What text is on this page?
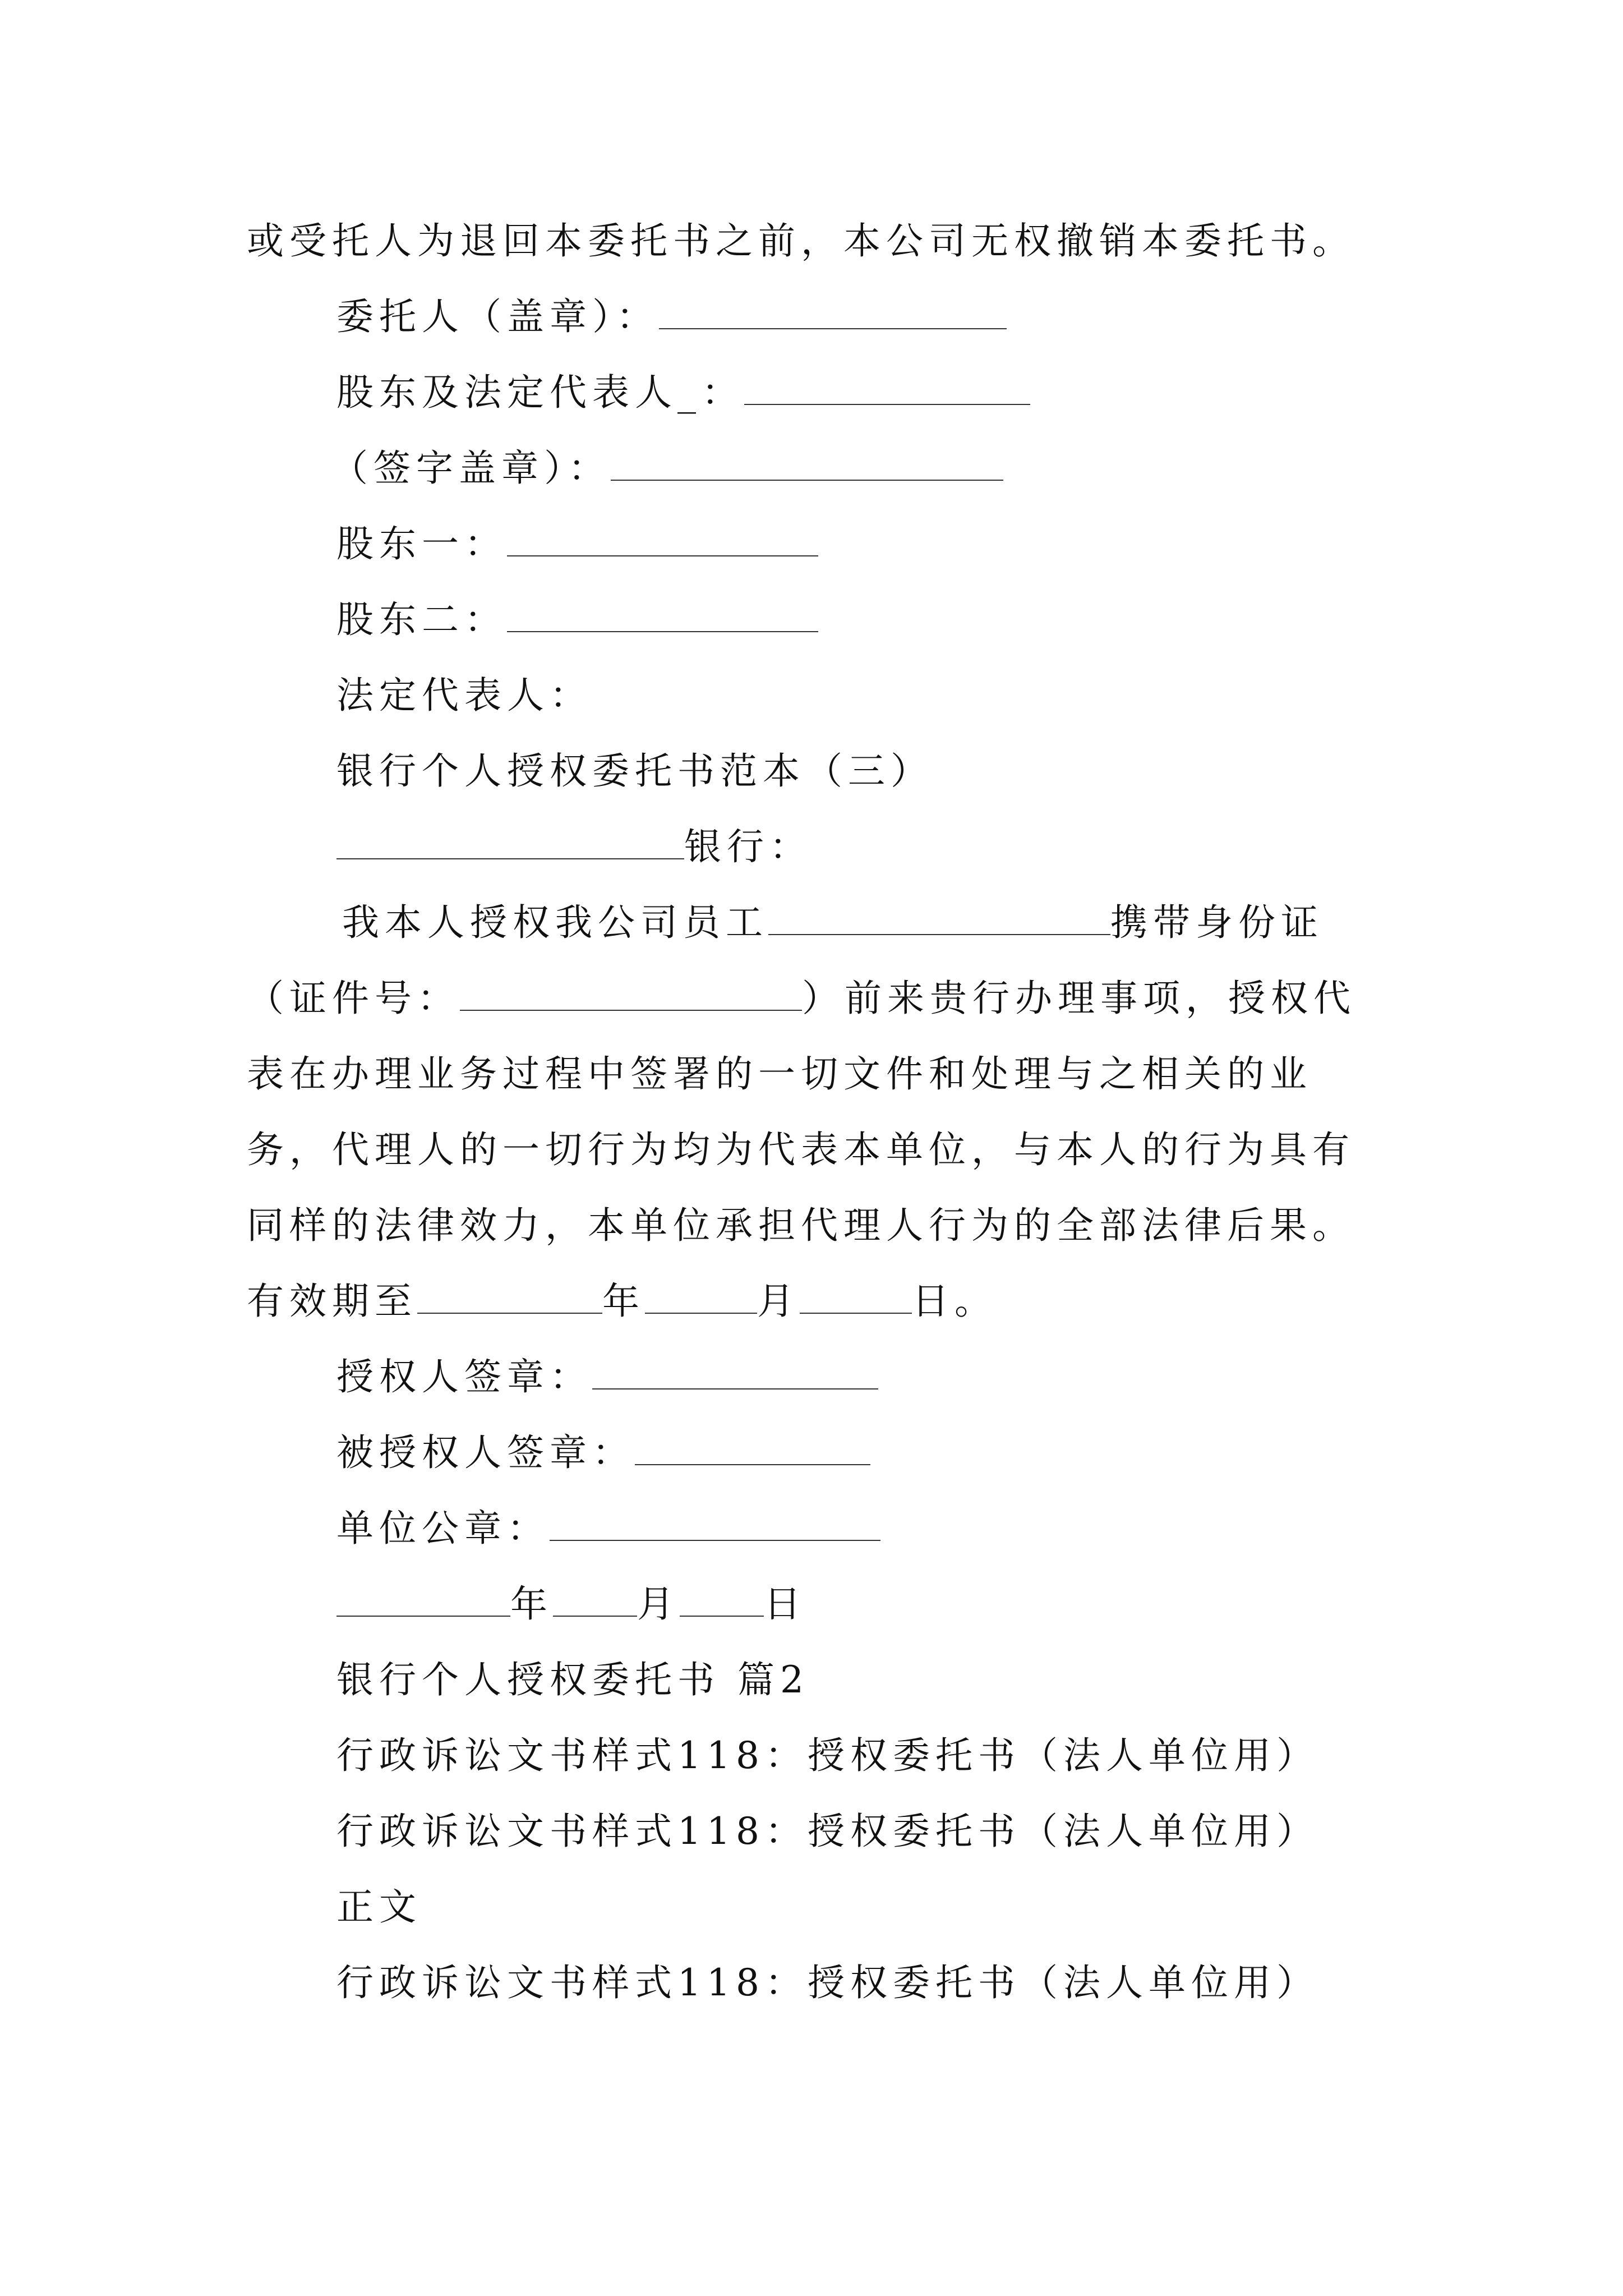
或受托人为退回本委托书之前，本公司无权撤销本委托书。
委托人（盖章）：
股东及法定代表人_：
（签字盖章）：
股东一：
股东二：
法定代表人：
银行个人授权委托书范本（三）
银行：
我本人授权我公司员工	携带身份证
（证件号：	）前来贵行办理事项，授权代
表在办理业务过程中签署的一切文件和处理与之相关的业
务，代理人的一切行为均为代表本单位，与本人的行为具有
同样的法律效力，本单位承担代理人行为的全部法律后果。
有效期至	年	月	日。
授权人签章：
被授权人签章：
单位公章：
年 月 日
银行个人授权委托书 篇2
行政诉讼文书样式118：授权委托书（法人单位用）
行政诉讼文书样式118：授权委托书（法人单位用）
正文
行政诉讼文书样式118：授权委托书（法人单位用）
